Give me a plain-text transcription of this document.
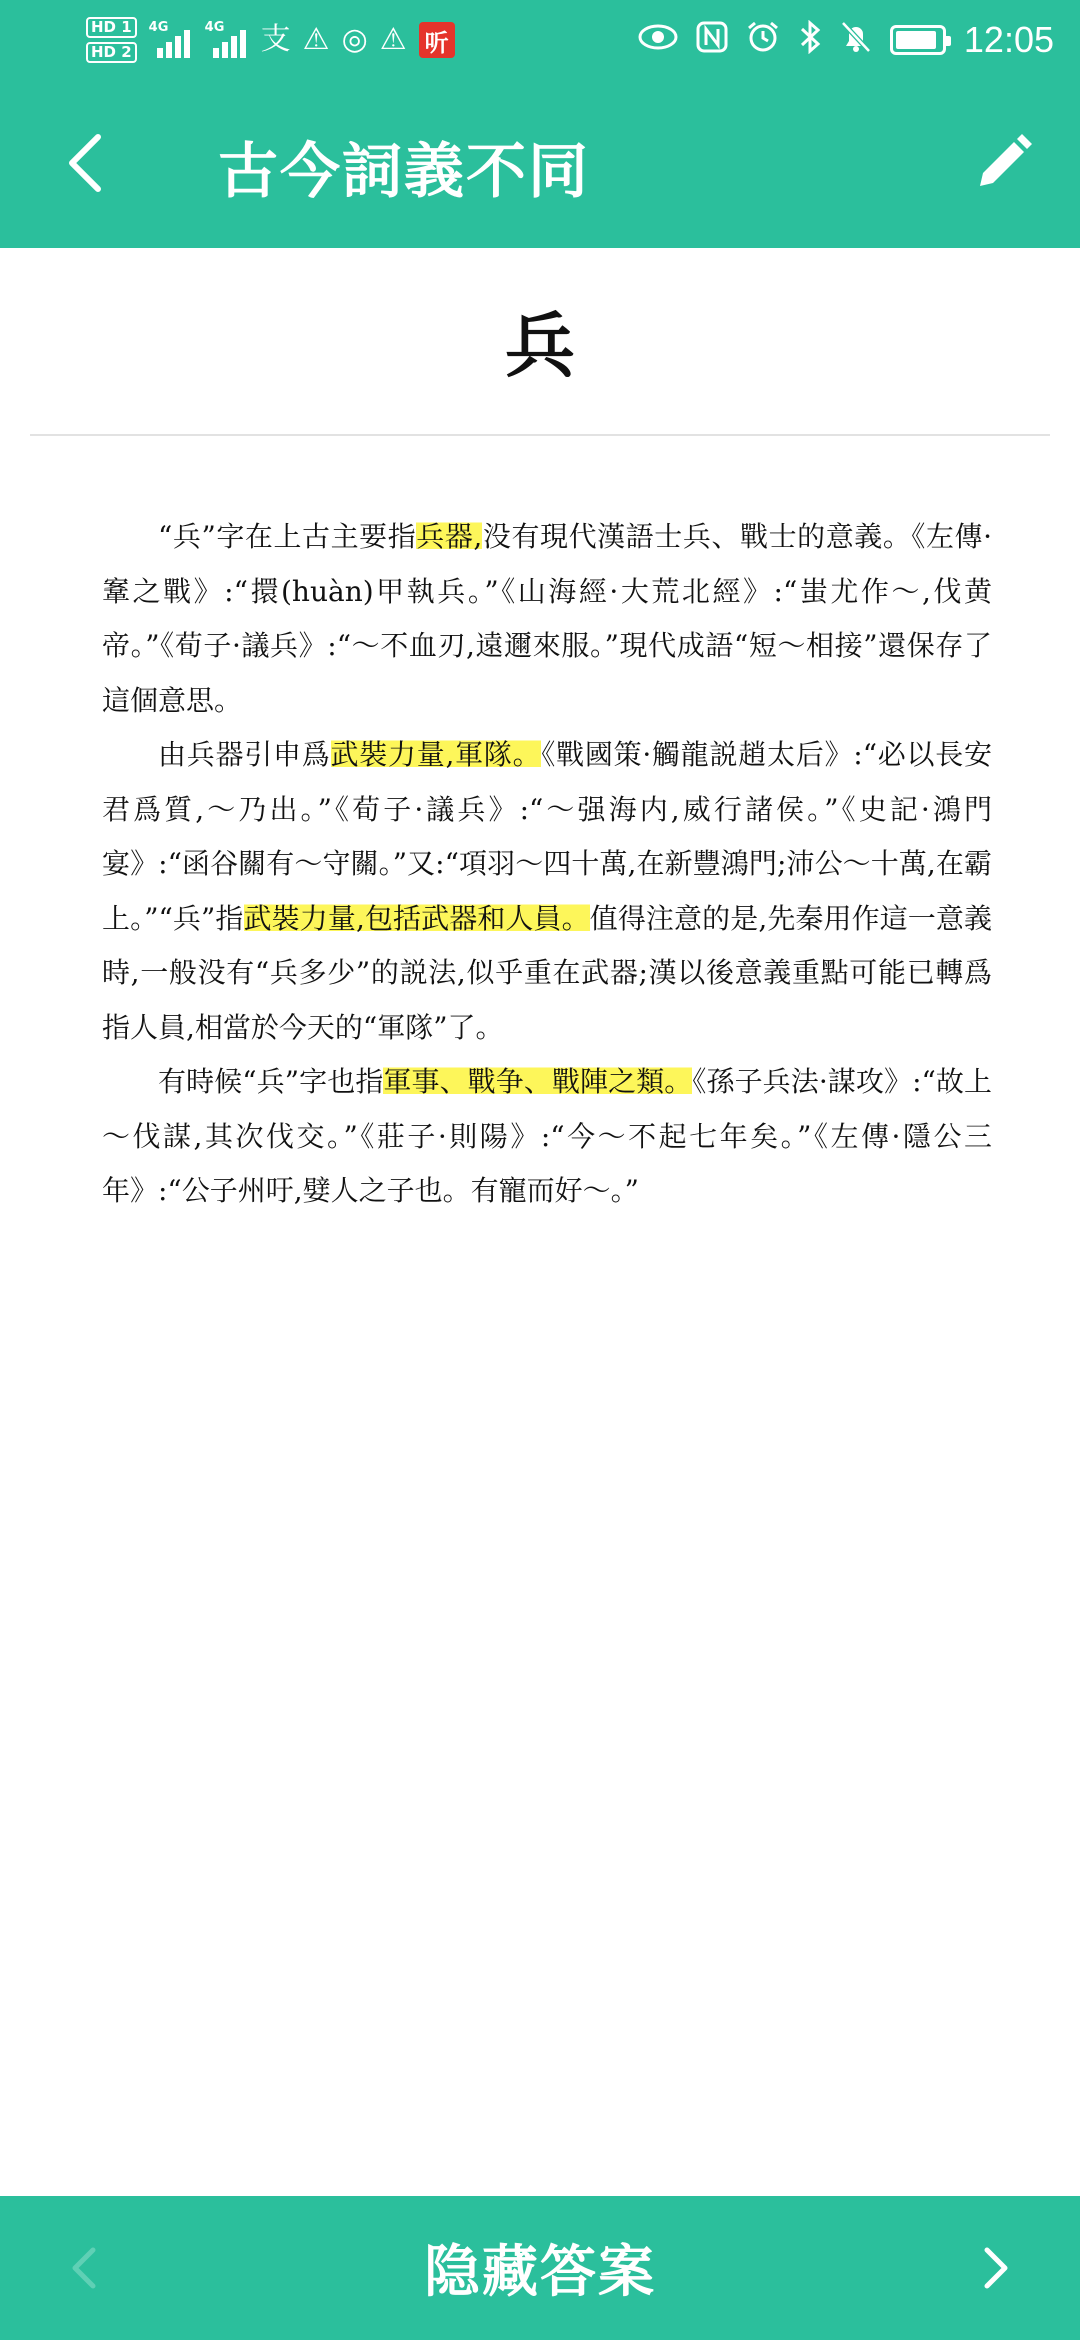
HD 1
HD 2
4G	4G 支 ⚠ ◎ ⚠ 听	12:05
古今詞義不同
兵

“兵”字在上古主要指兵器,没有現代漢語士兵、戰士的意義。《左傳·鞌之戰》:“擐(huàn)甲執兵。”《山海經·大荒北經》:“蚩尤作～,伐黄帝。”《荀子·議兵》:“～不血刃,遠邇來服。”現代成語“短～相接”還保存了這個意思。

由兵器引申爲武裝力量,軍隊。《戰國策·觸龍説趙太后》:“必以長安君爲質,～乃出。”《荀子·議兵》:“～强海内,威行諸侯。”《史記·鴻門宴》:“函谷關有～守關。”又:“項羽～四十萬,在新豐鴻門;沛公～十萬,在霸上。”“兵”指武裝力量,包括武器和人員。值得注意的是,先秦用作這一意義時,一般没有“兵多少”的説法,似乎重在武器;漢以後意義重點可能已轉爲指人員,相當於今天的“軍隊”了。

有時候“兵”字也指軍事、戰争、戰陣之類。《孫子兵法·謀攻》:“故上～伐謀,其次伐交。”《莊子·則陽》:“今～不起七年矣。”《左傳·隱公三年》:“公子州吁,嬖人之子也。有寵而好～。”

隐藏答案
